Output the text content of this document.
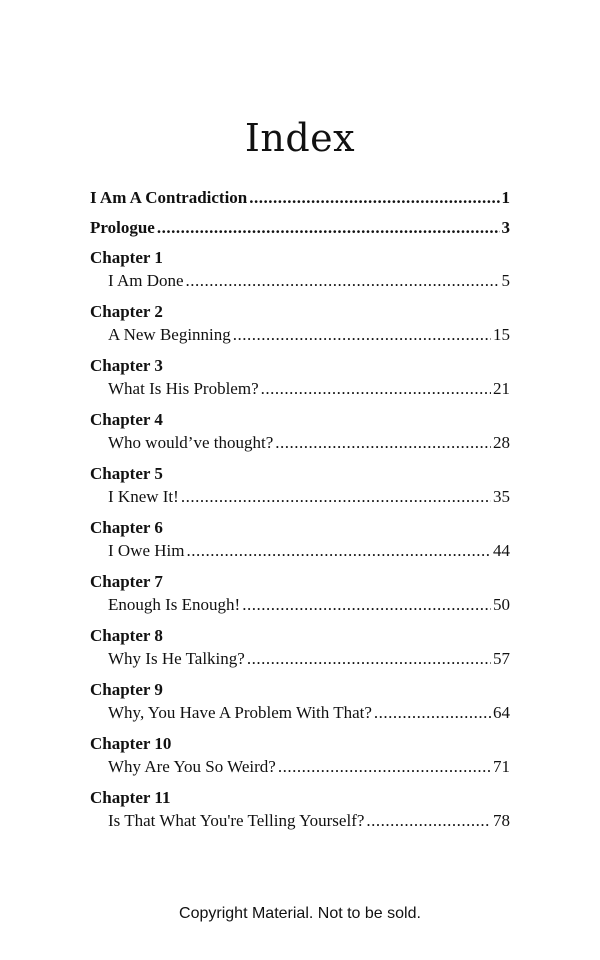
Index
I Am A Contradiction .....	1
Prologue .....	3
Chapter 1
I Am Done .....	5
Chapter 2
A New Beginning .....	15
Chapter 3
What Is His Problem? .....	21
Chapter 4
Who would’ve thought? .....	28
Chapter 5
I Knew It! .....	35
Chapter 6
I Owe Him .....	44
Chapter 7
Enough Is Enough! .....	50
Chapter 8
Why Is He Talking? .....	57
Chapter 9
Why, You Have A Problem With That? .....	64
Chapter 10
Why Are You So Weird? .....	71
Chapter 11
Is That What You're Telling Yourself? .....	78
Copyright Material. Not to be sold.
